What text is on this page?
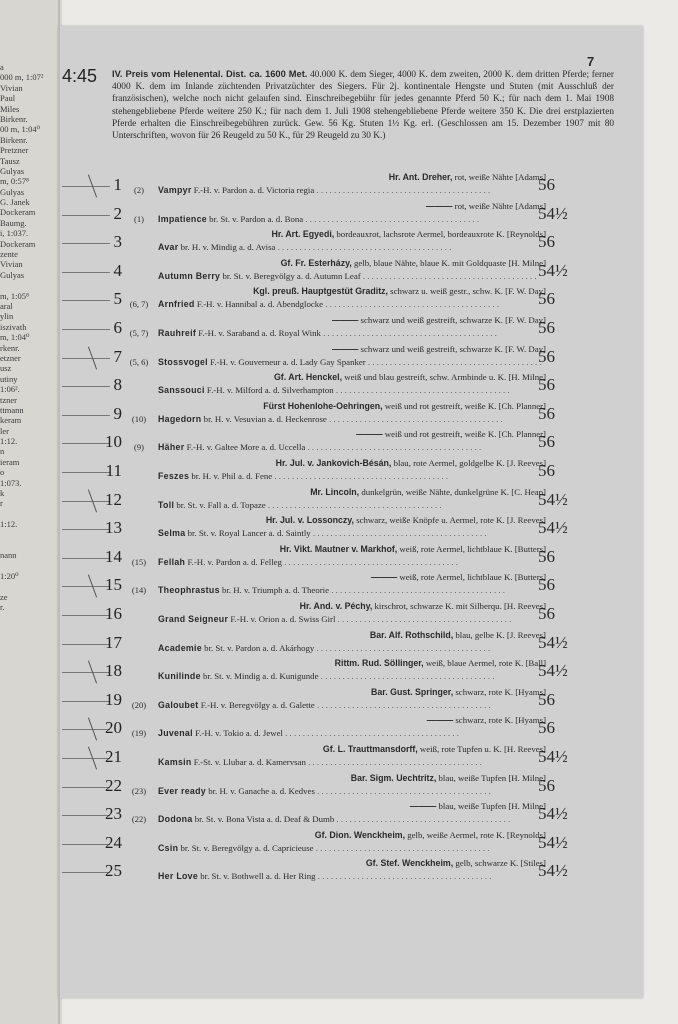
a
000 m, 1:07²
Vivian
Paul
Miles
Birkenr.
00 m, 1:04⁰
Birkenr.
Pretzner
Tausz
Gulyas
m, 0:57⁸
Gulyas
G. Janek
Dockeram
Baumg.
i, 1:037.
Dockeram
zente
Vivian
Gulyas
m, 1:05⁸
aral
ylin
iszivath
m, 1:04⁰
rkenr.
etzner
usz
utiny
1:06².
tzner
ttmann
keram
ler
1:12.
n
ieram
o
1:073.
k
r
1:12.
nann
1:20⁰
ze
r.
7
4:45 IV. Preis vom Helenental. Dist. ca. 1600 Met. 40.000 K. dem Sieger, 4000 K. dem zweiten, 2000 K. dem dritten Pferde; ferner 4000 K. dem im Inlande züchtenden Privatzüchter des Siegers. Für 2j. kontinentale Hengste und Stuten (mit Ausschluß der französischen), welche noch nicht gelaufen sind. Einschreibegebühr für jedes genannte Pferd 50 K.; für nach dem 1. Mai 1908 stehengebliebene Pferde weitere 250 K.; für nach dem 1. Juli 1908 stehengebliebene Pferde weitere 350 K. Die drei erstplazierten Pferde erhalten die Einschreibegebühren zurück. Gew. 56 Kg. Stuten 1½ Kg. erl. (Geschlossen am 15. Dezember 1907 mit 80 Unterschriften, wovon für 26 Reugeld zu 50 K., für 29 Reugeld zu 30 K.)
1	(2)
Hr. Ant. Dreher, rot, weiße Nähte [Adams]
Vampyr F.-H. v. Pardon a. d. Victoria regia . . . . . . . . . . . . . . . . . . . . . . . . . . . . . . . . . . . . . . . .	56
2	(1)
——— rot, weiße Nähte [Adams]
Impatience br. St. v. Pardon a. d. Bona . . . . . . . . . . . . . . . . . . . . . . . . . . . . . . . . . . . . . . . .	54½
3	Hr. Art. Egyedi, bordeauxrot, lachsrote Aermel, bordeauxrote K. [Reynolds]
Avar br. H. v. Mindig a. d. Avisa . . . . . . . . . . . . . . . . . . . . . . . . . . . . . . . . . . . . . . . .	56
4	Gf. Fr. Esterházy, gelb, blaue Nähte, blaue K. mit Goldquaste [H. Milne]
Autumn Berry br. St. v. Beregvölgy a. d. Autumn Leaf . . . . . . . . . . . . . . . . . . . . . . . . . . . . . . . . . . . . . . . . 54½
5 (6, 7)
Kgl. preuß. Hauptgestüt Graditz, schwarz u. weiß gestr., schw. K. [F. W. Day]
Arnfried F.-H. v. Hannibal a. d. Abendglocke . . . . . . . . . . . . . . . . . . . . . . . . . . . . . . . . . . . . . . . .	56
6 (5, 7)
——— schwarz und weiß gestreift, schwarze K. [F. W. Day]
Rauhreif F.-H. v. Saraband a. d. Royal Wink . . . . . . . . . . . . . . . . . . . . . . . . . . . . . . . . . . . . . . . .	56
7 (5, 6)
——— schwarz und weiß gestreift, schwarze K. [F. W. Day]
Stossvogel F.-H. v. Gouverneur a. d. Lady Gay Spanker . . . . . . . . . . . . . . . . . . . . . . . . . . . . . . . . . . . . . . . .
56
8	Gf. Art. Henckel, weiß und blau gestreift, schw. Armbinde u. K. [H. Milne]
Sanssouci F.-H. v. Milford a. d. Silverhampton . . . . . . . . . . . . . . . . . . . . . . . . . . . . . . . . . . . . . . . .	56
9	(10)
Fürst Hohenlohe-Oehringen, weiß und rot gestreift, weiße K. [Ch. Planner]
Hagedorn br. H. v. Vesuvian a. d. Heckenrose . . . . . . . . . . . . . . . . . . . . . . . . . . . . . . . . . . . . . . . .	56
10	(9)
——— weiß und rot gestreift, weiße K. [Ch. Planner]
Häher F.-H. v. Galtee More a. d. Uccella . . . . . . . . . . . . . . . . . . . . . . . . . . . . . . . . . . . . . . . .	56
11	Hr. Jul. v. Jankovich-Bésán, blau, rote Aermel, goldgelbe K. [J. Reeves]
Feszes br. H. v. Phil a. d. Fene . . . . . . . . . . . . . . . . . . . . . . . . . . . . . . . . . . . . . . . .	56
12	Mr. Lincoln, dunkelgrün, weiße Nähte, dunkelgrüne K. [C. Heap]
Toll br. St. v. Fall a. d. Topaze . . . . . . . . . . . . . . . . . . . . . . . . . . . . . . . . . . . . . . . .	54½
13	Hr. Jul. v. Lossonczy, schwarz, weiße Knöpfe u. Aermel, rote K. [J. Reeves]
Selma br. St. v. Royal Lancer a. d. Saintly . . . . . . . . . . . . . . . . . . . . . . . . . . . . . . . . . . . . . . . .	54½
14	(15)
Hr. Vikt. Mautner v. Markhof, weiß, rote Aermel, lichtblaue K. [Butters]
Fellah F.-H. v. Pardon a. d. Felleg . . . . . . . . . . . . . . . . . . . . . . . . . . . . . . . . . . . . . . . .	56
15	(14)
——— weiß, rote Aermel, lichtblaue K. [Butters]
Theophrastus br. H. v. Triumph a. d. Theorie . . . . . . . . . . . . . . . . . . . . . . . . . . . . . . . . . . . . . . . .	56
16	Hr. And. v. Péchy, kirschrot, schwarze K. mit Silberqu. [H. Reeves]
Grand Seigneur F.-H. v. Orion a. d. Swiss Girl . . . . . . . . . . . . . . . . . . . . . . . . . . . . . . . . . . . . . . . .	56
17	Bar. Alf. Rothschild, blau, gelbe K. [J. Reeves]
Academie br. St. v. Pardon a. d. Akárhogy . . . . . . . . . . . . . . . . . . . . . . . . . . . . . . . . . . . . . . . .	54½
18	Rittm. Rud. Söllinger, weiß, blaue Aermel, rote K. [Ball]
Kunilinde br. St. v. Mindig a. d. Kunigunde . . . . . . . . . . . . . . . . . . . . . . . . . . . . . . . . . . . . . . . .	54½
19	(20)
Bar. Gust. Springer, schwarz, rote K. [Hyams]
Galoubet F.-H. v. Beregvölgy a. d. Galette . . . . . . . . . . . . . . . . . . . . . . . . . . . . . . . . . . . . . . . .	56
20	(19)
——— schwarz, rote K. [Hyams]
Juvenal F.-H. v. Tokio a. d. Jewel . . . . . . . . . . . . . . . . . . . . . . . . . . . . . . . . . . . . . . . .	56
21	Gf. L. Trauttmansdorff, weiß, rote Tupfen u. K. [H. Reeves]
Kamsin F.-St. v. Llubar a. d. Kamervsan . . . . . . . . . . . . . . . . . . . . . . . . . . . . . . . . . . . . . . . .	54½
22	(23)
Bar. Sigm. Uechtritz, blau, weiße Tupfen [H. Milne]
Ever ready br. H. v. Ganache a. d. Kedves . . . . . . . . . . . . . . . . . . . . . . . . . . . . . . . . . . . . . . . .	56
23	(22)
——— blau, weiße Tupfen [H. Milne]
Dodona br. St. v. Bona Vista a. d. Deaf & Dumb . . . . . . . . . . . . . . . . . . . . . . . . . . . . . . . . . . . . . . . .	54½
24	Gf. Dion. Wenckheim, gelb, weiße Aermel, rote K. [Reynolds]
Csin br. St. v. Beregvölgy a. d. Capricieuse . . . . . . . . . . . . . . . . . . . . . . . . . . . . . . . . . . . . . . . .	54½
25	Gf. Stef. Wenckheim, gelb, schwarze K. [Stiles]
Her Love br. St. v. Bothwell a. d. Her Ring . . . . . . . . . . . . . . . . . . . . . . . . . . . . . . . . . . . . . . . .	54½
